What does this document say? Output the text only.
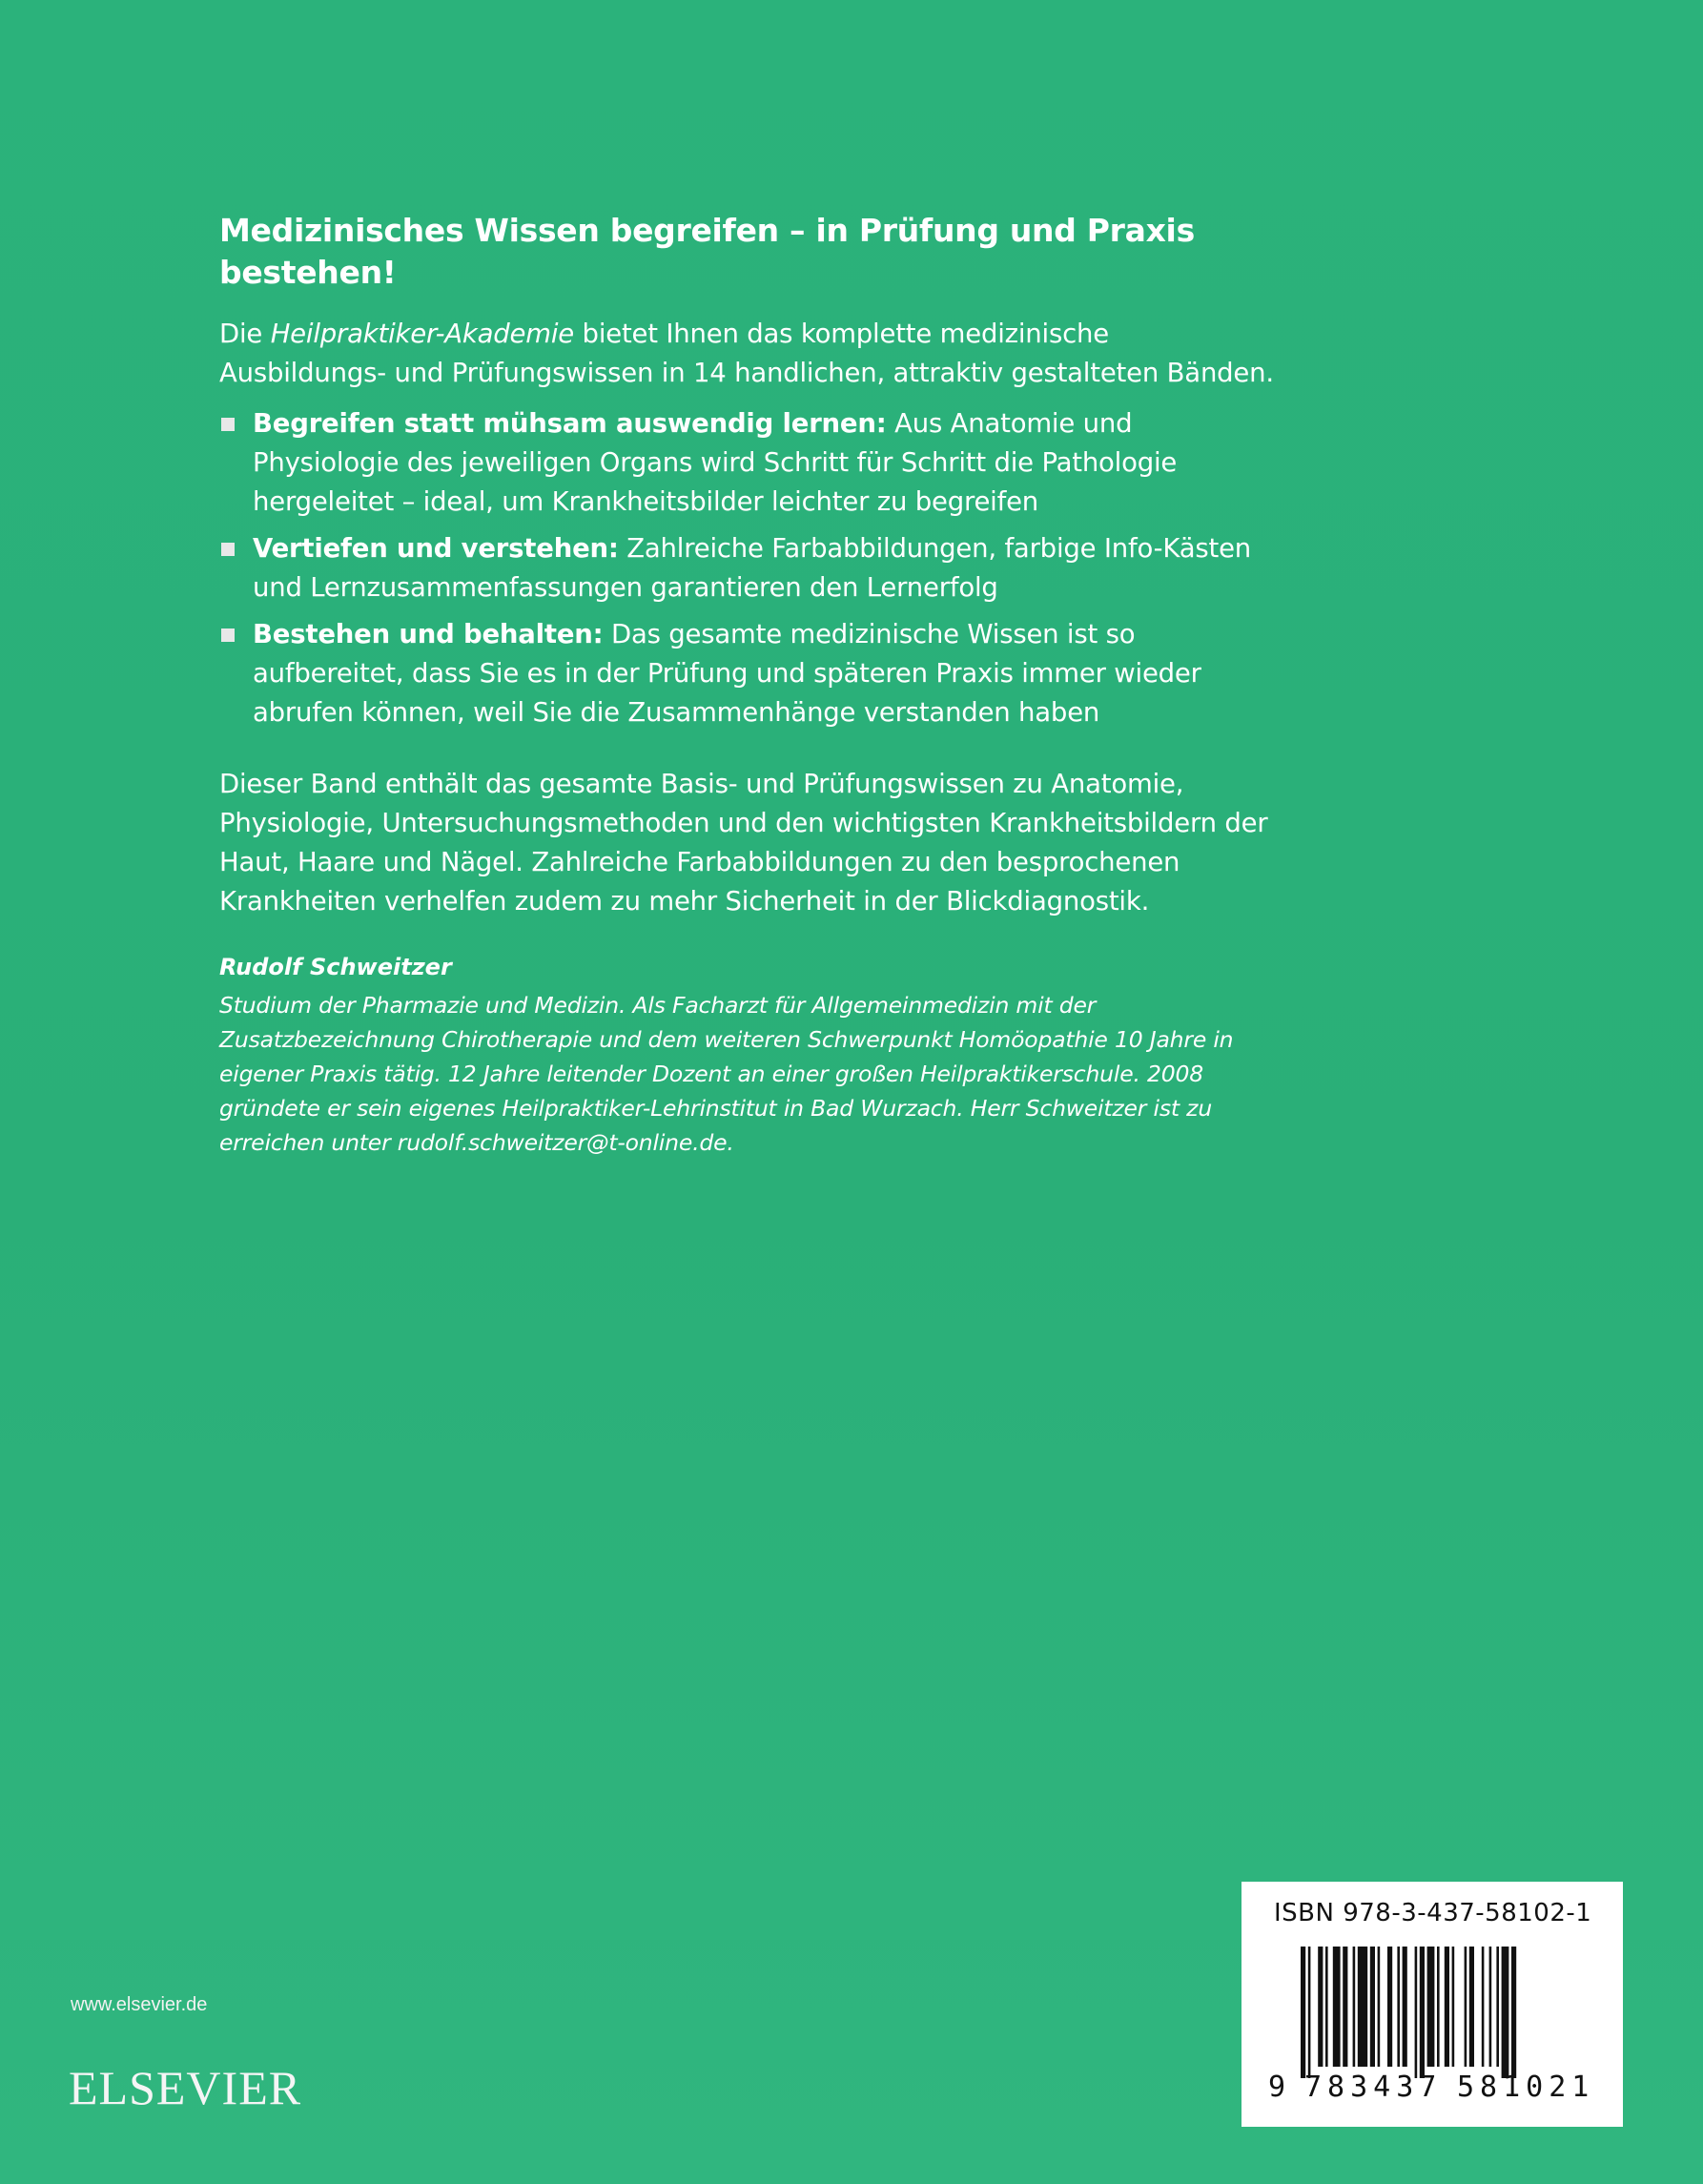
Medizinisches Wissen begreifen – in Prüfung und Praxis bestehen!

Die Heilpraktiker-Akademie bietet Ihnen das komplette medizinische Ausbildungs- und Prüfungswissen in 14 handlichen, attraktiv gestalteten Bänden.

Begreifen statt mühsam auswendig lernen: Aus Anatomie und Physiologie des jeweiligen Organs wird Schritt für Schritt die Pathologie hergeleitet – ideal, um Krankheitsbilder leichter zu begreifen
Vertiefen und verstehen: Zahlreiche Farbabbildungen, farbige Info-Kästen und Lernzusammenfassungen garantieren den Lernerfolg
Bestehen und behalten: Das gesamte medizinische Wissen ist so aufbereitet, dass Sie es in der Prüfung und späteren Praxis immer wieder abrufen können, weil Sie die Zusammenhänge verstanden haben

Dieser Band enthält das gesamte Basis- und Prüfungswissen zu Anatomie, Physiologie, Untersuchungsmethoden und den wichtigsten Krankheitsbildern der Haut, Haare und Nägel. Zahlreiche Farbabbildungen zu den besprochenen Krankheiten verhelfen zudem zu mehr Sicherheit in der Blickdiagnostik.

Rudolf Schweitzer

Studium der Pharmazie und Medizin. Als Facharzt für Allgemeinmedizin mit der Zusatzbezeichnung Chirotherapie und dem weiteren Schwerpunkt Homöopathie 10 Jahre in eigener Praxis tätig. 12 Jahre leitender Dozent an einer großen Heilpraktikerschule. 2008 gründete er sein eigenes Heilpraktiker-Lehrinstitut in Bad Wurzach. Herr Schweitzer ist zu erreichen unter rudolf.schweitzer@t-online.de.

www.elsevier.de
ELSEVIER
ISBN 978-3-437-58102-1
9 783437 581021
